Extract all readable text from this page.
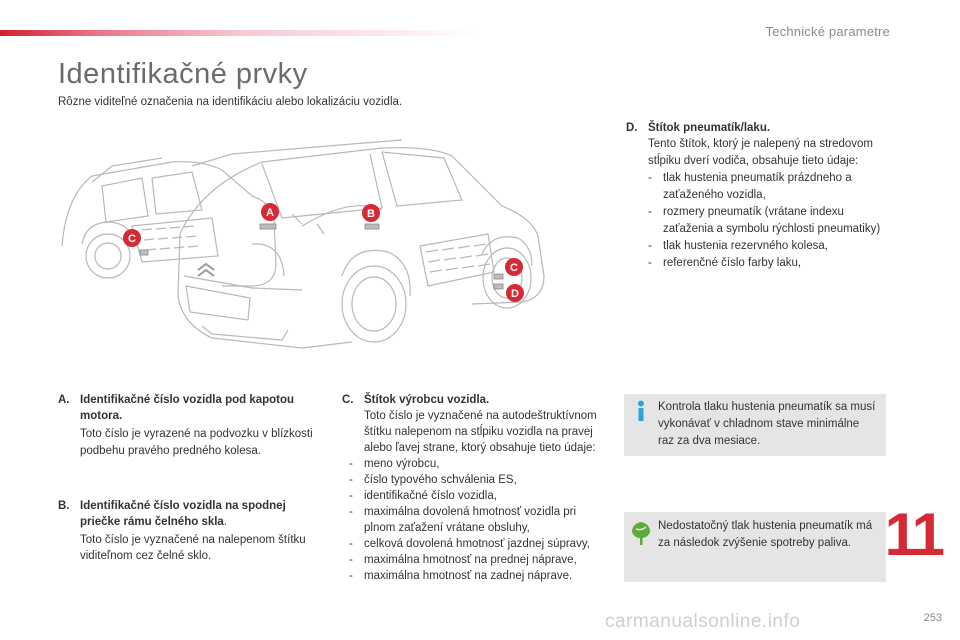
Technické parametre
Identifikačné prvky
Rôzne viditeľné označenia na identifikáciu alebo lokalizáciu vozidla.
A	B
C
C
D
A. Identifikačné číslo vozidla pod kapotou motora.
Toto číslo je vyrazené na podvozku v blízkosti podbehu pravého predného kolesa.
B. Identifikačné číslo vozidla na spodnej priečke rámu čelného skla.
Toto číslo je vyznačené na nalepenom štítku viditeľnom cez čelné sklo.
C. Štítok výrobcu vozidla.
Toto číslo je vyznačené na autodeštruktívnom štítku nalepenom na stĺpiku vozidla na pravej alebo ľavej strane, ktorý obsahuje tieto údaje:
- meno výrobcu,
- číslo typového schválenia ES,
- identifikačné číslo vozidla,
- maximálna dovolená hmotnosť vozidla pri plnom zaťažení vrátane obsluhy,
- celková dovolená hmotnosť jazdnej súpravy,
- maximálna hmotnosť na prednej nápravе,
- maximálna hmotnosť na zadnej náprave.
D. Štítok pneumatík/laku.
Tento štítok, ktorý je nalepený na stredovom stĺpiku dverí vodiča, obsahuje tieto údaje:
- tlak hustenia pneumatík prázdneho a zaťaženého vozidla,
- rozmery pneumatík (vrátane indexu zaťaženia a symbolu rýchlosti pneumatiky)
- tlak hustenia rezervného kolesa,
- referenčné číslo farby laku,
Kontrola tlaku hustenia pneumatík sa musí vykonávať v chladnom stave minimálne raz za dva mesiace.
Nedostatočný tlak hustenia pneumatík má za následok zvýšenie spotreby paliva. 11
carmanualsonline.info	253
